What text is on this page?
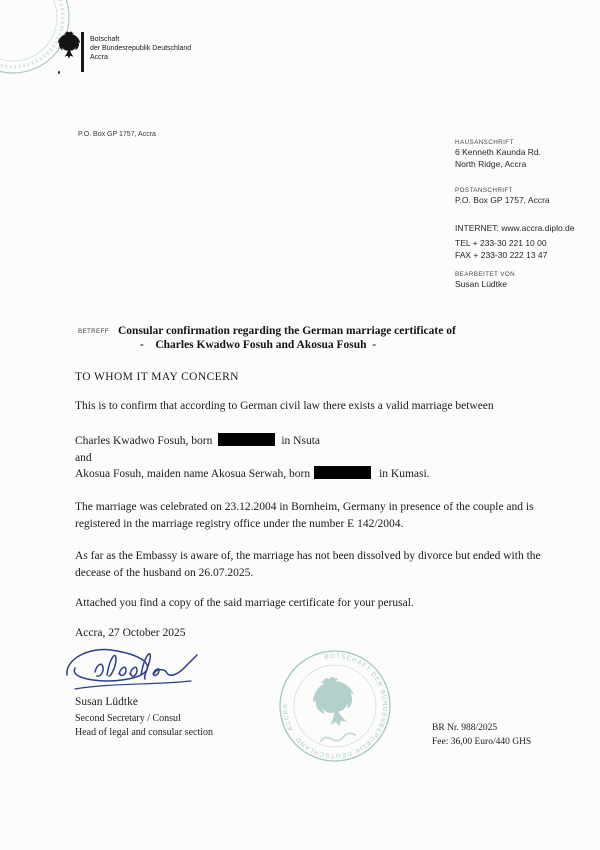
Botschaft
der Bundesrepublik Deutschland
Accra
P.O. Box GP 1757, Accra
HAUSANSCHRIFT
6 Kenneth Kaunda Rd.
North Ridge, Accra
POSTANSCHRIFT
P.O. Box GP 1757, Accra
INTERNET: www.accra.diplo.de
TEL + 233-30 221 10 00
FAX + 233-30 222 13 47
BEARBEITET VON
Susan Lüdtke
BETREFF Consular confirmation regarding the German marriage certificate of
- Charles Kwadwo Fosuh and Akosua Fosuh -
TO WHOM IT MAY CONCERN
This is to confirm that according to German civil law there exists a valid marriage between
Charles Kwadwo Fosuh, born	in Nsuta
and
Akosua Fosuh, maiden name Akosua Serwah, born	in Kumasi.
The marriage was celebrated on 23.12.2004 in Bornheim, Germany in presence of the couple and is registered in the marriage registry office under the number E 142/2004.
As far as the Embassy is aware of, the marriage has not been dissolved by divorce but ended with the decease of the husband on 26.07.2025.
Attached you find a copy of the said marriage certificate for your perusal.
Accra, 27 October 2025
Susan Lüdtke
Second Secretary / Consul
Head of legal and consular section
BOTSCHAFT DER BUNDESREPUBLIK DEUTSCHLAND · ACCRA ·
BR Nr. 988/2025
Fee: 36,00 Euro/440 GHS
